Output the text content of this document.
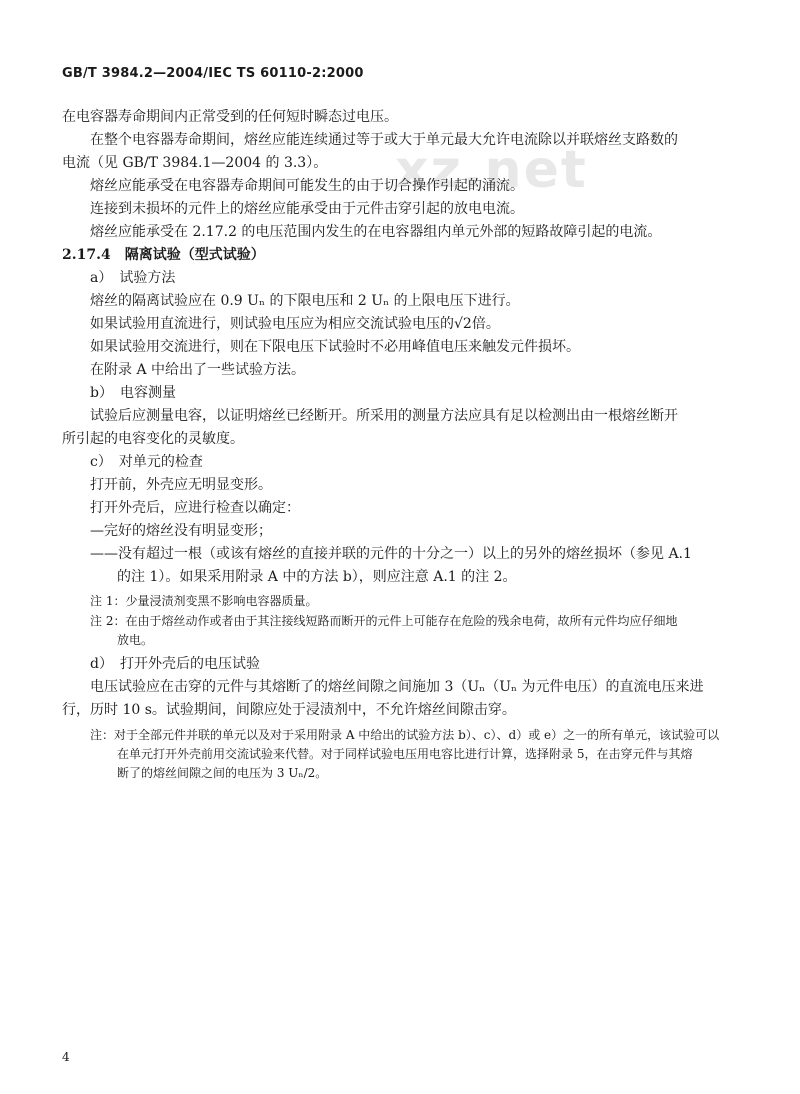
xz.net
GB/T 3984.2—2004/IEC TS 60110-2:2000
在电容器寿命期间内正常受到的任何短时瞬态过电压。
在整个电容器寿命期间，熔丝应能连续通过等于或大于单元最大允许电流除以并联熔丝支路数的
电流（见 GB/T 3984.1—2004 的 3.3）。
熔丝应能承受在电容器寿命期间可能发生的由于切合操作引起的涌流。
连接到未损坏的元件上的熔丝应能承受由于元件击穿引起的放电电流。
熔丝应能承受在 2.17.2 的电压范围内发生的在电容器组内单元外部的短路故障引起的电流。
2.17.4　隔离试验（型式试验）
a）　试验方法
熔丝的隔离试验应在 0.9 Uₙ 的下限电压和 2 Uₙ 的上限电压下进行。
如果试验用直流进行，则试验电压应为相应交流试验电压的√2倍。
如果试验用交流进行，则在下限电压下试验时不必用峰值电压来触发元件损坏。
在附录 A 中给出了一些试验方法。
b）　电容测量
试验后应测量电容，以证明熔丝已经断开。所采用的测量方法应具有足以检测出由一根熔丝断开
所引起的电容变化的灵敏度。
c）　对单元的检查
打开前，外壳应无明显变形。
打开外壳后，应进行检查以确定：
—完好的熔丝没有明显变形；
——没有超过一根（或该有熔丝的直接并联的元件的十分之一）以上的另外的熔丝损坏（参见 A.1
的注 1）。如果采用附录 A 中的方法 b），则应注意 A.1 的注 2。
注 1：少量浸渍剂变黑不影响电容器质量。
注 2：在由于熔丝动作或者由于其注接线短路而断开的元件上可能存在危险的残余电荷，故所有元件均应仔细地
放电。
d）　打开外壳后的电压试验
电压试验应在击穿的元件与其熔断了的熔丝间隙之间施加 3（Uₙ（Uₙ 为元件电压）的直流电压来进
行，历时 10 s。试验期间，间隙应处于浸渍剂中，不允许熔丝间隙击穿。
注：对于全部元件并联的单元以及对于采用附录 A 中给出的试验方法 b）、c）、d）或 e）之一的所有单元，该试验可以
在单元打开外壳前用交流试验来代替。对于同样试验电压用电容比进行计算，选择附录 5，在击穿元件与其熔
断了的熔丝间隙之间的电压为 3 Uₙ/2。
4
